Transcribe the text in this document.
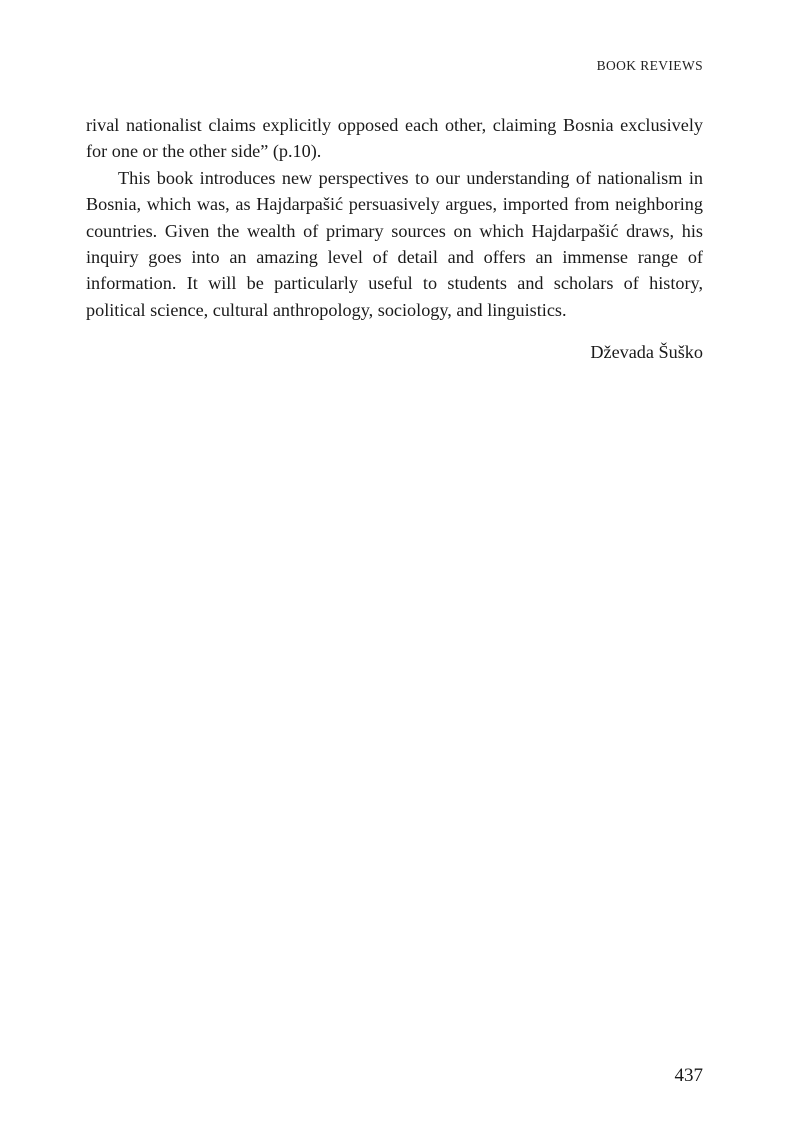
BOOK REVIEWS

rival nationalist claims explicitly opposed each other, claiming Bosnia exclusively for one or the other side” (p.10).

This book introduces new perspectives to our understanding of nationalism in Bosnia, which was, as Hajdarpašić persuasively argues, imported from neighboring countries. Given the wealth of primary sources on which Hajdarpašić draws, his inquiry goes into an amazing level of detail and offers an immense range of information. It will be particularly useful to students and scholars of history, political science, cultural anthropology, sociology, and linguistics.

Dževada Šuško
437
